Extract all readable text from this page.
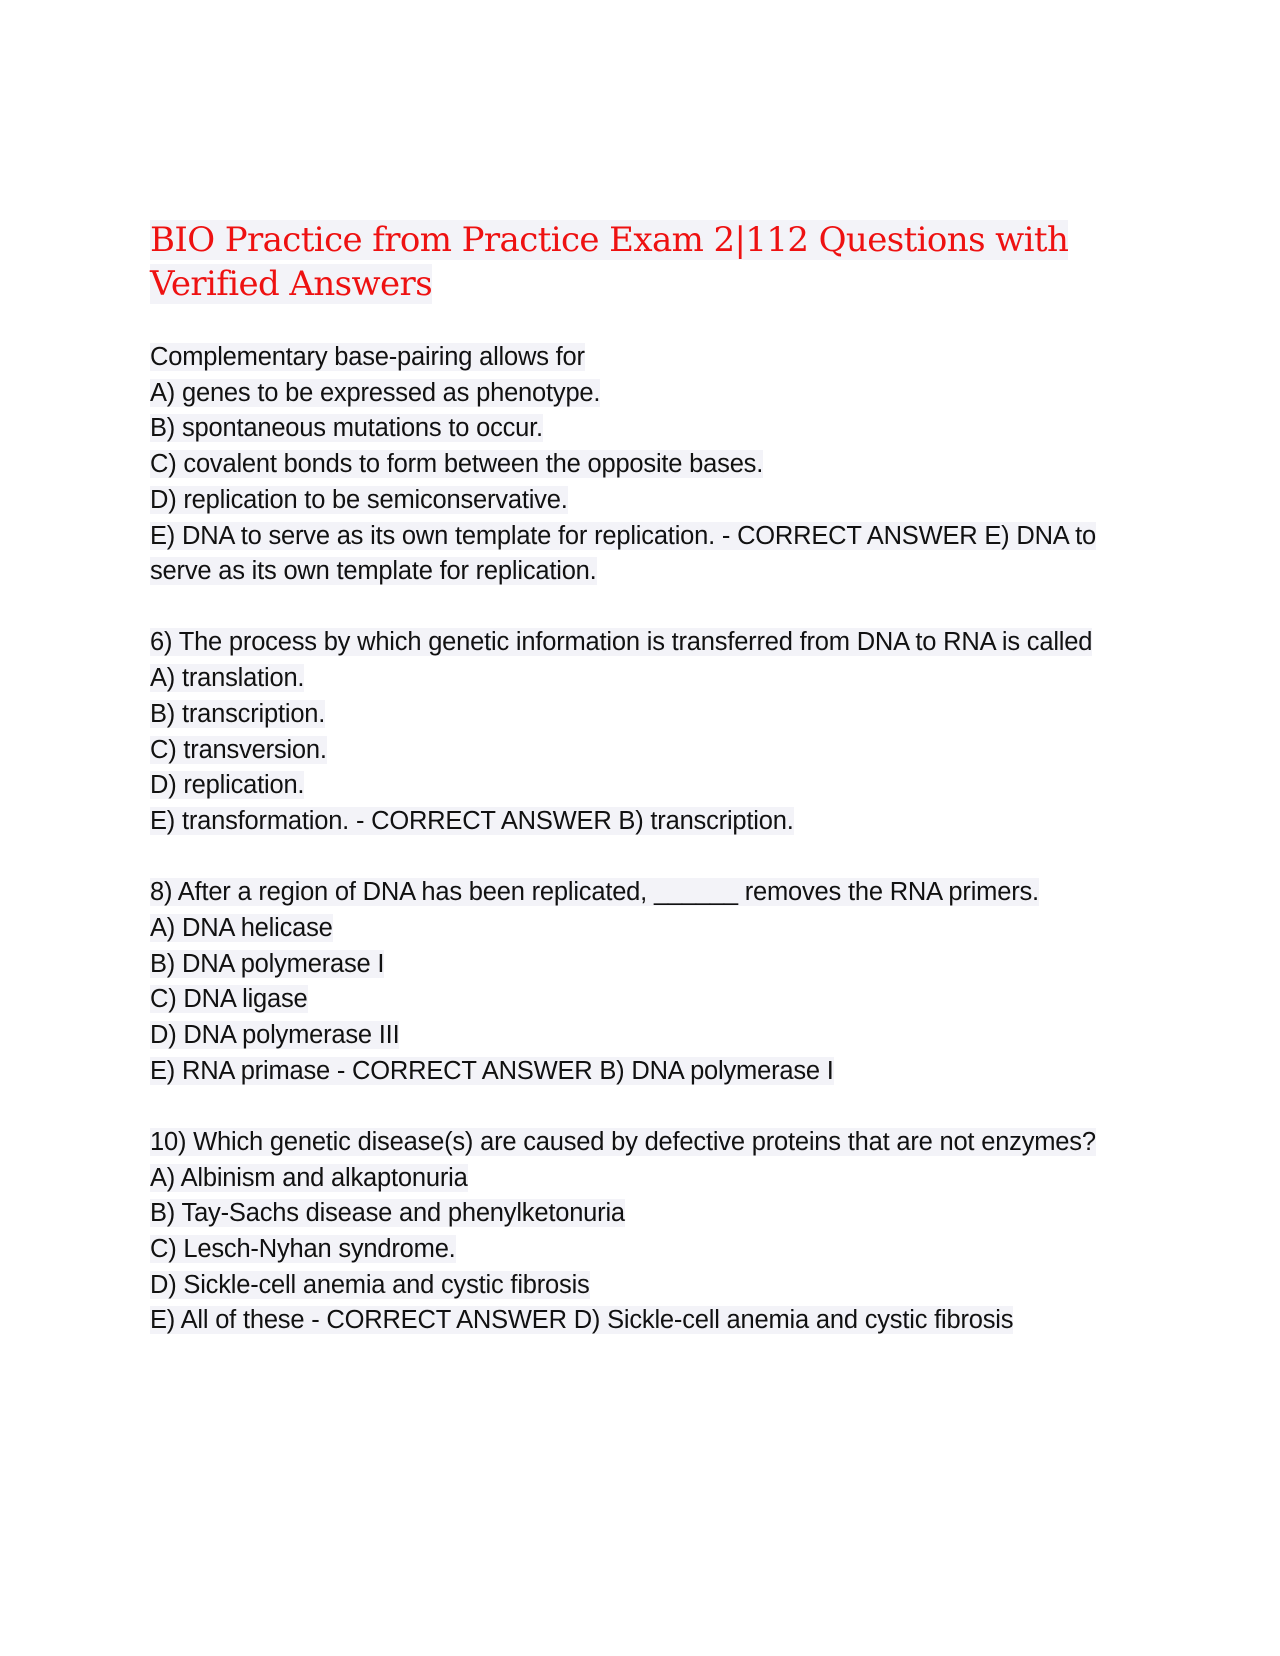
BIO Practice from Practice Exam 2|112 Questions with Verified Answers
Complementary base-pairing allows for
A) genes to be expressed as phenotype.
B) spontaneous mutations to occur.
C) covalent bonds to form between the opposite bases.
D) replication to be semiconservative.
E) DNA to serve as its own template for replication. - CORRECT ANSWER E) DNA to serve as its own template for replication.
6) The process by which genetic information is transferred from DNA to RNA is called
A) translation.
B) transcription.
C) transversion.
D) replication.
E) transformation. - CORRECT ANSWER B) transcription.
8) After a region of DNA has been replicated, ______ removes the RNA primers.
A) DNA helicase
B) DNA polymerase I
C) DNA ligase
D) DNA polymerase III
E) RNA primase - CORRECT ANSWER B) DNA polymerase I
10) Which genetic disease(s) are caused by defective proteins that are not enzymes?
A) Albinism and alkaptonuria
B) Tay-Sachs disease and phenylketonuria
C) Lesch-Nyhan syndrome.
D) Sickle-cell anemia and cystic fibrosis
E) All of these - CORRECT ANSWER D) Sickle-cell anemia and cystic fibrosis
